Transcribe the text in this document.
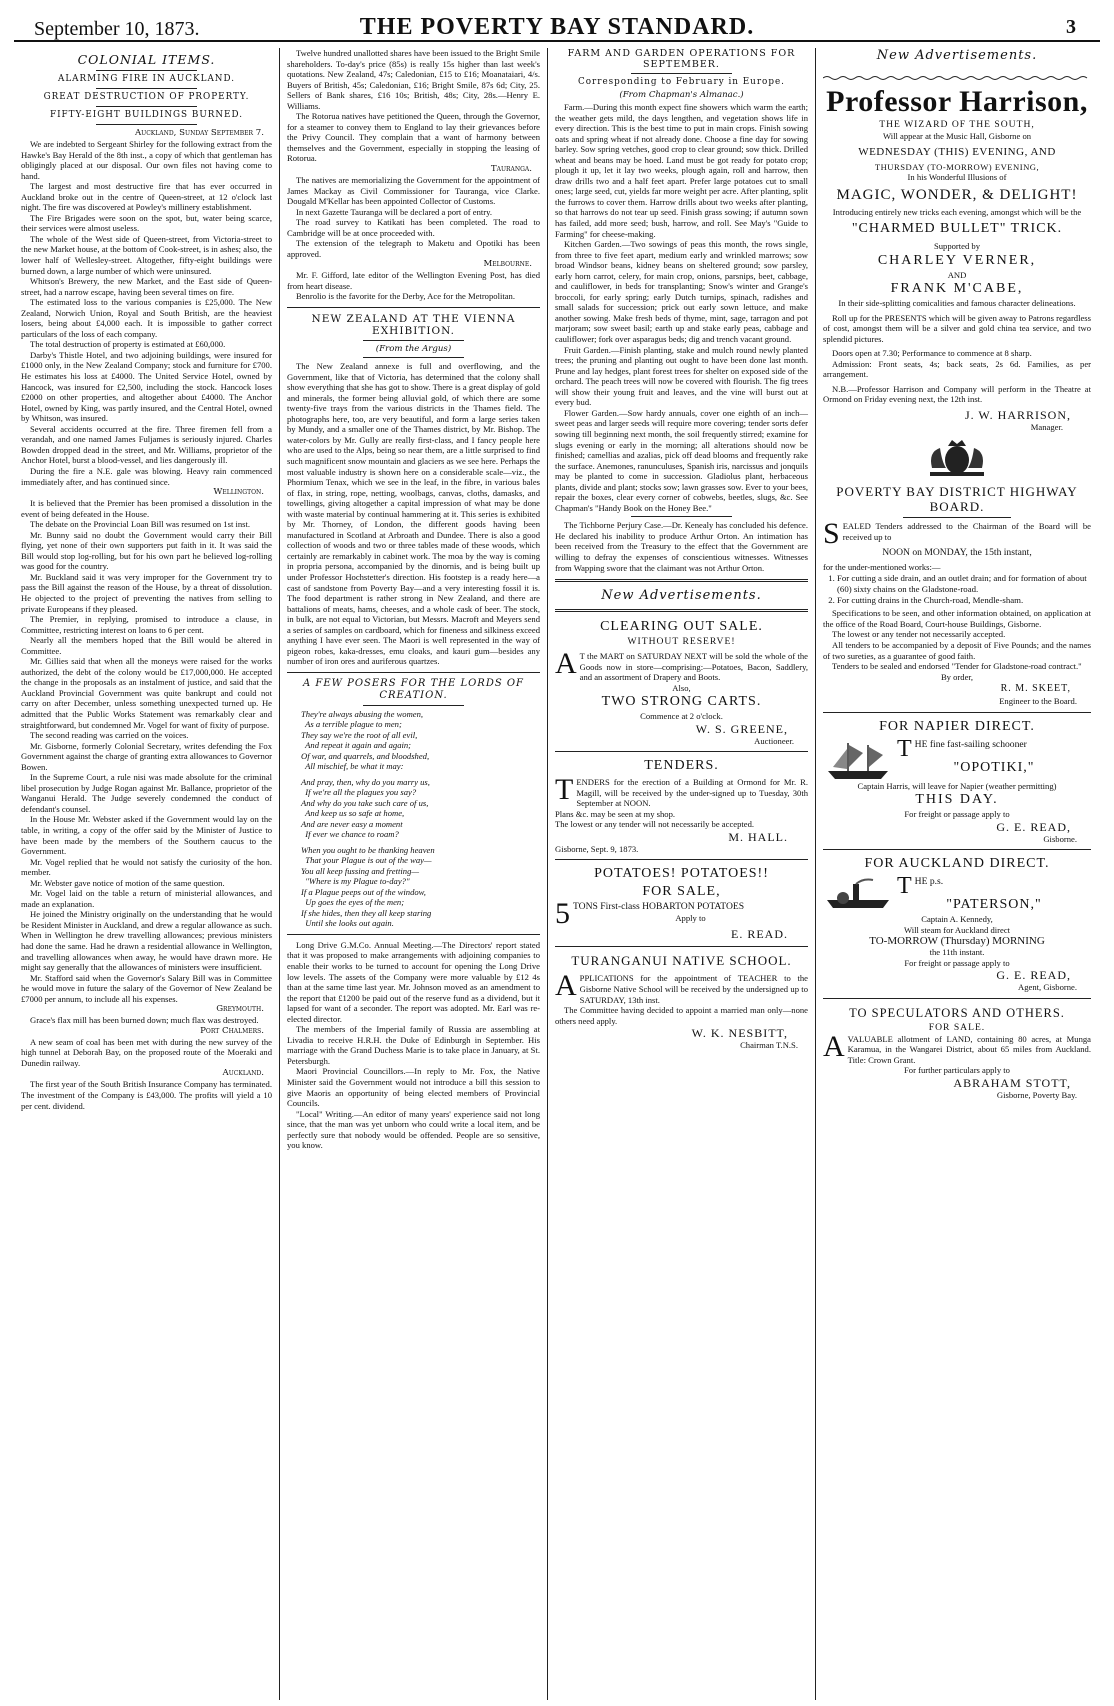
September 10, 1873.	THE POVERTY BAY STANDARD.	3
COLONIAL ITEMS.
ALARMING FIRE IN AUCKLAND.
GREAT DESTRUCTION OF PROPERTY.
FIFTY-EIGHT BUILDINGS BURNED.
Auckland, Sunday September 7.

We are indebted to Sergeant Shirley for the following extract from the Hawke's Bay Herald of the 8th inst., a copy of which that gentleman has obligingly placed at our disposal. Our own files not having come to hand.

The largest and most destructive fire that has ever occurred in Auckland broke out in the centre of Queen-street, at 12 o'clock last night. The fire was discovered at Powley's millinery establishment.

The Fire Brigades were soon on the spot, but, water being scarce, their services were almost useless.

The whole of the West side of Queen-street, from Victoria-street to the new Market house, at the bottom of Cook-street, is in ashes; also, the lower half of Wellesley-street. Altogether, fifty-eight buildings were burned down, a large number of which were uninsured.

Whitson's Brewery, the new Market, and the East side of Queen-street, had a narrow escape, having been several times on fire.

The estimated loss to the various companies is £25,000. The New Zealand, Norwich Union, Royal and South British, are the heaviest losers, being about £4,000 each. It is impossible to gather correct particulars of the loss of each company.

The total destruction of property is estimated at £60,000.

Darby's Thistle Hotel, and two adjoining buildings, were insured for £1000 only, in the New Zealand Company; stock and furniture for £700. He estimates his loss at £4000. The United Service Hotel, owned by Hancock, was insured for £2,500, including the stock. Hancock loses £2000 on other properties, and altogether about £4000. The Anchor Hotel, owned by King, was partly insured, and the Central Hotel, owned by Whitson, was insured.

Several accidents occurred at the fire. Three firemen fell from a verandah, and one named James Fuljames is seriously injured. Charles Bowden dropped dead in the street, and Mr. Williams, proprietor of the Anchor Hotel, burst a blood-vessel, and lies dangerously ill.

During the fire a N.E. gale was blowing. Heavy rain commenced immediately after, and has continued since.

Wellington.

It is believed that the Premier has been promised a dissolution in the event of being defeated in the House.

The debate on the Provincial Loan Bill was resumed on 1st inst.

Mr. Bunny said no doubt the Government would carry their Bill flying, yet none of their own supporters put faith in it. It was said the Bill would stop log-rolling, but for his own part he believed log-rolling was good for the country.

Mr. Buckland said it was very improper for the Government try to pass the Bill against the reason of the House, by a threat of dissolution. He objected to the project of preventing the natives from selling to private Europeans if they pleased.

The Premier, in replying, promised to introduce a clause, in Committee, restricting interest on loans to 6 per cent.

Nearly all the members hoped that the Bill would be altered in Committee.

Mr. Gillies said that when all the moneys were raised for the works authorized, the debt of the colony would be £17,000,000. He accepted the change in the proposals as an instalment of justice, and said that the Auckland Provincial Government was quite bankrupt and could not carry on after December, unless something unexpected turned up. He admitted that the Public Works Statement was remarkably clear and straightforward, but condemned Mr. Vogel for want of fixity of purpose.

The second reading was carried on the voices.

Mr. Gisborne, formerly Colonial Secretary, writes defending the Fox Government against the charge of granting extra allowances to Governor Bowen.

In the Supreme Court, a rule nisi was made absolute for the criminal libel prosecution by Judge Rogan against Mr. Ballance, proprietor of the Wanganui Herald. The Judge severely condemned the conduct of defendant's counsel.

In the House Mr. Webster asked if the Government would lay on the table, in writing, a copy of the offer said by the Minister of Justice to have been made by the members of the Southern caucus to the Government.

Mr. Vogel replied that he would not satisfy the curiosity of the hon. member.

Mr. Webster gave notice of motion of the same question.

Mr. Vogel laid on the table a return of ministerial allowances, and made an explanation.

He joined the Ministry originally on the understanding that he would be Resident Minister in Auckland, and drew a regular allowance as such. When in Wellington he drew travelling allowances; previous ministers had done the same. Had he drawn a residential allowance in Wellington, and travelling allowances when away, he would have drawn more. He might say generally that the allowances of ministers were insufficient.

Mr. Stafford said when the Governor's Salary Bill was in Committee he would move in future the salary of the Governor of New Zealand be £7000 per annum, to include all his expenses.

Greymouth.

Grace's flax mill has been burned down; much flax was destroyed.

Port Chalmers.

A new seam of coal has been met with during the new survey of the high tunnel at Deborah Bay, on the proposed route of the Moeraki and Dunedin railway.

Auckland.

The first year of the South British Insurance Company has terminated. The investment of the Company is £43,000. The profits will yield a 10 per cent. dividend.

Twelve hundred unallotted shares have been issued to the Bright Smile shareholders. To-day's price (85s) is really 15s higher than last week's quotations. New Zealand, 47s; Caledonian, £15 to £16; Moanataiari, 4/s. Buyers of British, 45s; Caledonian, £16; Bright Smile, 87s 6d; City, 25. Sellers of Bank shares, £16 10s; British, 48s; City, 28s.—Henry E. Williams.

The Rotorua natives have petitioned the Queen, through the Governor, for a steamer to convey them to England to lay their grievances before the Privy Council. They complain that a want of harmony between themselves and the Government, especially in stopping the leasing of Rotorua.

Tauranga.

The natives are memorializing the Government for the appointment of James Mackay as Civil Commissioner for Tauranga, vice Clarke. Dougald M'Kellar has been appointed Collector of Customs.

In next Gazette Tauranga will be declared a port of entry.

The road survey to Katikati has been completed. The road to Cambridge will be at once proceeded with.

The extension of the telegraph to Maketu and Opotiki has been approved.

Melbourne.

Mr. F. Gifford, late editor of the Wellington Evening Post, has died from heart disease.

Benrolio is the favorite for the Derby, Ace for the Metropolitan.

NEW ZEALAND AT THE VIENNA EXHIBITION.
(From the Argus)

The New Zealand annexe is full and overflowing, and the Government, like that of Victoria, has determined that the colony shall show everything that she has got to show. There is a great display of gold and minerals, the former being alluvial gold, of which there are some twenty-five trays from the various districts in the Thames field. The photographs here, too, are very beautiful, and form a large series taken by Mundy, and a smaller one of the Thames district, by Mr. Bishop. The water-colors by Mr. Gully are really first-class, and I fancy people here who are used to the Alps, being so near them, are a little surprised to find such magnificent snow mountain and glaciers as we see here. Perhaps the most valuable industry is shown here on a considerable scale—viz., the Phormium Tenax, which we see in the leaf, in the fibre, in various bales of flax, in string, rope, netting, woolbags, canvas, cloths, damasks, and towellings, giving altogether a capital impression of what may be done with waste material by continual hammering at it. This series is exhibited by Mr. Thorney, of London, the different goods having been manufactured in Scotland at Arbroath and Dundee. There is also a good collection of woods and two or three tables made of these woods, which certainly are remarkably in cabinet work. The moa by the way is coming in propria persona, accompanied by the dinornis, and is being built up under Professor Hochstetter's direction. His footstep is a ready here—a cast of sandstone from Poverty Bay—and a very interesting fossil it is. The food department is rather strong in New Zealand, and there are battalions of meats, hams, cheeses, and a whole cask of beer. The stock, in bulk, are not equal to Victorian, but Messrs. Macroft and Meyers send a series of samples on cardboard, which for fineness and silkiness exceed anything I have ever seen. The Maori is well represented in the way of pigeon robes, kaka-dresses, emu cloaks, and kauri gum—besides any number of iron ores and auriferous quartzes.

A FEW POSERS FOR THE LORDS OF CREATION.
They're always abusing the women,
As a terrible plague to men;
They say we're the root of all evil,
And repeat it again and again;
Of war, and quarrels, and bloodshed,
All mischief, be what it may:
And pray, then, why do you marry us,
If we're all the plagues you say?
And why do you take such care of us,
And keep us so safe at home,
And are never easy a moment
If ever we chance to roam?
When you ought to be thanking heaven
That your Plague is out of the way—
You all keep fussing and fretting—
"Where is my Plague to-day?"
If a Plague peeps out of the window,
Up goes the eyes of the men;
If she hides, then they all keep staring
Until she looks out again.

Long Drive G.M.Co. Annual Meeting.—The Directors' report stated that it was proposed to make arrangements with adjoining companies to enable their works to be turned to account for opening the Long Drive low levels. The assets of the Company were more valuable by £12 4s than at the same time last year. Mr. Johnson moved as an amendment to the report that £1200 be paid out of the reserve fund as a dividend, but it lapsed for want of a seconder. The report was adopted. Mr. Earl was re-elected director.

The members of the Imperial family of Russia are assembling at Livadia to receive H.R.H. the Duke of Edinburgh in September. His marriage with the Grand Duchess Marie is to take place in January, at St. Petersburgh.

Maori Provincial Councillors.—In reply to Mr. Fox, the Native Minister said the Government would not introduce a bill this session to give Maoris an opportunity of being elected members of Provincial Councils.

"Local" Writing.—An editor of many years' experience said not long since, that the man was yet unborn who could write a local item, and be perfectly sure that nobody would be offended. People are so sensitive, you know.

FARM AND GARDEN OPERATIONS FOR SEPTEMBER.
Corresponding to February in Europe.
(From Chapman's Almanac.)

Farm.—During this month expect fine showers which warm the earth; the weather gets mild, the days lengthen, and vegetation shows life in every direction. This is the best time to put in main crops. Finish sowing oats and spring wheat if not already done. Choose a fine day for sowing barley. Sow spring vetches, good crop to clear ground; sow thick. Drilled wheat and beans may be hoed. Land must be got ready for potato crop; plough it up, let it lay two weeks, plough again, roll and harrow, then draw drills two and a half feet apart. Prefer large potatoes cut to small ones; large seed, cut, yields far more weight per acre. After planting, split the furrows to cover them. Harrow drills about two weeks after planting, so that harrows do not tear up seed. Finish grass sowing; if autumn sown has failed, add more seed; bush, harrow, and roll. See May's "Guide to Farming" for cheese-making.

Kitchen Garden.—Two sowings of peas this month, the rows single, from three to five feet apart, medium early and wrinkled marrows; sow broad Windsor beans, kidney beans on sheltered ground; sow parsley, early horn carrot, celery, for main crop, onions, parsnips, beet, cabbage, and cauliflower, in beds for transplanting; Snow's winter and Grange's broccoli, for early spring; early Dutch turnips, spinach, radishes and small salads for succession; prick out early sown lettuce, and make another sowing. Make fresh beds of thyme, mint, sage, tarragon and pot marjoram; sow sweet basil; earth up and stake early peas, cabbage and cauliflower; fork over asparagus beds; dig and trench vacant ground.

Fruit Garden.—Finish planting, stake and mulch round newly planted trees; the pruning and planting out ought to have been done last month. Prune and lay hedges, plant forest trees for shelter on exposed side of the orchard. The peach trees will now be covered with flourish. The fig trees will show their young fruit and leaves, and the vine will burst out at every bud.

Flower Garden.—Sow hardy annuals, cover one eighth of an inch—sweet peas and larger seeds will require more covering; tender sorts defer sowing till beginning next month, the soil frequently stirred; examine for slugs evening or early in the morning; all alterations should now be finished; camellias and azalias, pick off dead blooms and frequently rake the surface. Anemones, ranunculuses, Spanish iris, narcissus and jonquils may be planted to come in succession. Gladiolus plant, herbaceous plants, divide and plant; stocks sow; lawn grasses sow. Ever to your bees, repair the boxes, clear every corner of cobwebs, beetles, slugs, &c. See Chapman's "Handy Book on the Honey Bee."

The Tichborne Perjury Case.—Dr. Kenealy has concluded his defence. He declared his inability to produce Arthur Orton. An intimation has been received from the Treasury to the effect that the Government are willing to defray the expenses of conscientious witnesses. Witnesses from Wapping swore that the claimant was not Arthur Orton.

New Advertisements.
CLEARING OUT SALE.
WITHOUT RESERVE!

A T the MART on SATURDAY NEXT will be sold the whole of the Goods now in store—comprising:—Potatoes, Bacon, Saddlery, and an assortment of Drapery and Boots.

Also,
TWO STRONG CARTS.
Commence at 2 o'clock.
W. S. GREENE,
Auctioneer.
TENDERS.

TENDERS for the erection of a Building at Ormond for Mr. R. Magill, will be received by the under-signed up to Tuesday, 30th September at NOON.

Plans &c. may be seen at my shop.

The lowest or any tender will not necessarily be accepted.

M. HALL.
Gisborne, Sept. 9, 1873.
POTATOES! POTATOES!!
FOR SALE,
5 TONS First-class HOBARTON POTATOES
Apply to
E. READ.
TURANGANUI NATIVE SCHOOL.

APPLICATIONS for the appointment of TEACHER to the Gisborne Native School will be received by the undersigned up to SATURDAY, 13th inst.

The Committee having decided to appoint a married man only—none others need apply.

W. K. NESBITT,
Chairman T.N.S.
New Advertisements.
Professor Harrison,
THE WIZARD OF THE SOUTH,
Will appear at the Music Hall, Gisborne on
WEDNESDAY (THIS) EVENING, AND
THURSDAY (TO-MORROW) EVENING,
In his Wonderful Illusions of
MAGIC, WONDER, & DELIGHT!
Introducing entirely new tricks each evening, amongst which will be the
"CHARMED BULLET" TRICK.
Supported by
CHARLEY VERNER,
AND
FRANK M'CABE,
In their side-splitting comicalities and famous character delineations.

Roll up for the PRESENTS which will be given away to Patrons regardless of cost, amongst them will be a silver and gold china tea service, and two splendid pictures.

Doors open at 7.30; Performance to commence at 8 sharp.

Admission: Front seats, 4s; back seats, 2s 6d. Families, as per arrangement.

N.B.—Professor Harrison and Company will perform in the Theatre at Ormond on Friday evening next, the 12th inst.

J. W. HARRISON,
Manager.
POVERTY BAY DISTRICT HIGHWAY BOARD.

SEALED Tenders addressed to the Chairman of the Board will be received up to

NOON on MONDAY, the 15th instant,

for the under-mentioned works:—

1. For cutting a side drain, and an outlet drain; and for formation of about (60) sixty chains on the Gladstone-road.
2. For cutting drains in the Church-road, Mendle-sham.

Specifications to be seen, and other information obtained, on application at the office of the Road Board, Court-house Buildings, Gisborne.

The lowest or any tender not necessarily accepted.

All tenders to be accompanied by a deposit of Five Pounds; and the names of two sureties, as a guarantee of good faith.

Tenders to be sealed and endorsed "Tender for Gladstone-road contract."

By order,
R. M. SKEET,
Engineer to the Board.
FOR NAPIER DIRECT.
THE fine fast-sailing schooner
"OPOTIKI,"
Captain Harris, will leave for Napier (weather permitting)
THIS DAY.
For freight or passage apply to
G. E. READ,
Gisborne.
FOR AUCKLAND DIRECT.
THE p.s.
"PATERSON,"
Captain A. Kennedy,
Will steam for Auckland direct
TO-MORROW (Thursday) MORNING
the 11th instant.
For freight or passage apply to
G. E. READ,
Agent, Gisborne.
TO SPECULATORS AND OTHERS.
FOR SALE.

AVALUABLE allotment of LAND, containing 80 acres, at Munga Karamua, in the Wangarei District, about 65 miles from Auckland. Title: Crown Grant.

For further particulars apply to
ABRAHAM STOTT,
Gisborne, Poverty Bay.
